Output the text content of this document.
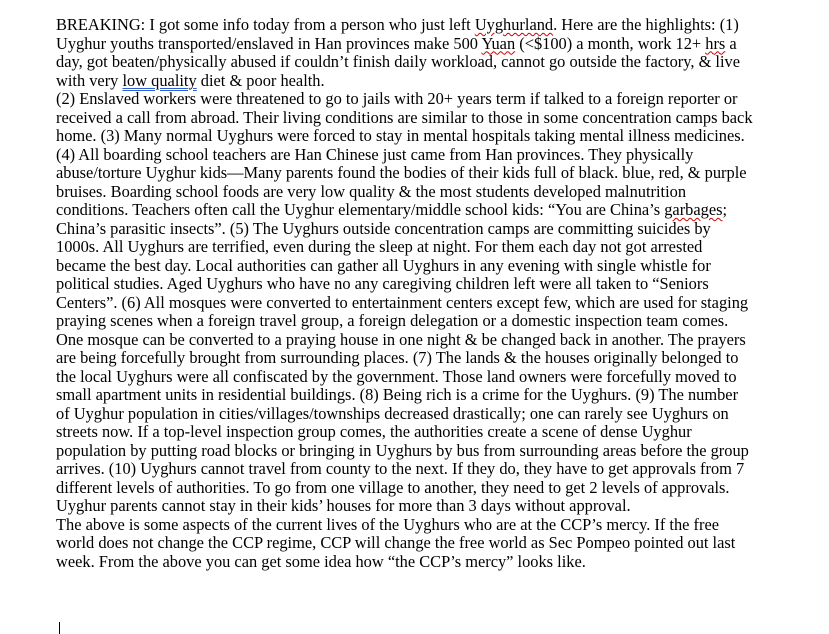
BREAKING: I got some info today from a person who just left Uyghurland. Here are the highlights: (1)
Uyghur youths transported/enslaved in Han provinces make 500 Yuan (<$100) a month, work 12+ hrs a
day, got beaten/physically abused if couldn’t finish daily workload, cannot go outside the factory, & live
with very low quality diet & poor health.
(2) Enslaved workers were threatened to go to jails with 20+ years term if talked to a foreign reporter or
received a call from abroad. Their living conditions are similar to those in some concentration camps back
home. (3) Many normal Uyghurs were forced to stay in mental hospitals taking mental illness medicines.
(4) All boarding school teachers are Han Chinese just came from Han provinces. They physically
abuse/torture Uyghur kids—Many parents found the bodies of their kids full of black. blue, red, & purple
bruises. Boarding school foods are very low quality & the most students developed malnutrition
conditions. Teachers often call the Uyghur elementary/middle school kids: “You are China’s garbages;
China’s parasitic insects”. (5) The Uyghurs outside concentration camps are committing suicides by
1000s. All Uyghurs are terrified, even during the sleep at night. For them each day not got arrested
became the best day. Local authorities can gather all Uyghurs in any evening with single whistle for
political studies. Aged Uyghurs who have no any caregiving children left were all taken to “Seniors
Centers”. (6) All mosques were converted to entertainment centers except few, which are used for staging
praying scenes when a foreign travel group, a foreign delegation or a domestic inspection team comes.
One mosque can be converted to a praying house in one night & be changed back in another. The prayers
are being forcefully brought from surrounding places. (7) The lands & the houses originally belonged to
the local Uyghurs were all confiscated by the government. Those land owners were forcefully moved to
small apartment units in residential buildings. (8) Being rich is a crime for the Uyghurs. (9) The number
of Uyghur population in cities/villages/townships decreased drastically; one can rarely see Uyghurs on
streets now. If a top-level inspection group comes, the authorities create a scene of dense Uyghur
population by putting road blocks or bringing in Uyghurs by bus from surrounding areas before the group
arrives. (10) Uyghurs cannot travel from county to the next. If they do, they have to get approvals from 7
different levels of authorities. To go from one village to another, they need to get 2 levels of approvals.
Uyghur parents cannot stay in their kids’ houses for more than 3 days without approval.
The above is some aspects of the current lives of the Uyghurs who are at the CCP’s mercy. If the free
world does not change the CCP regime, CCP will change the free world as Sec Pompeo pointed out last
week. From the above you can get some idea how “the CCP’s mercy” looks like.
